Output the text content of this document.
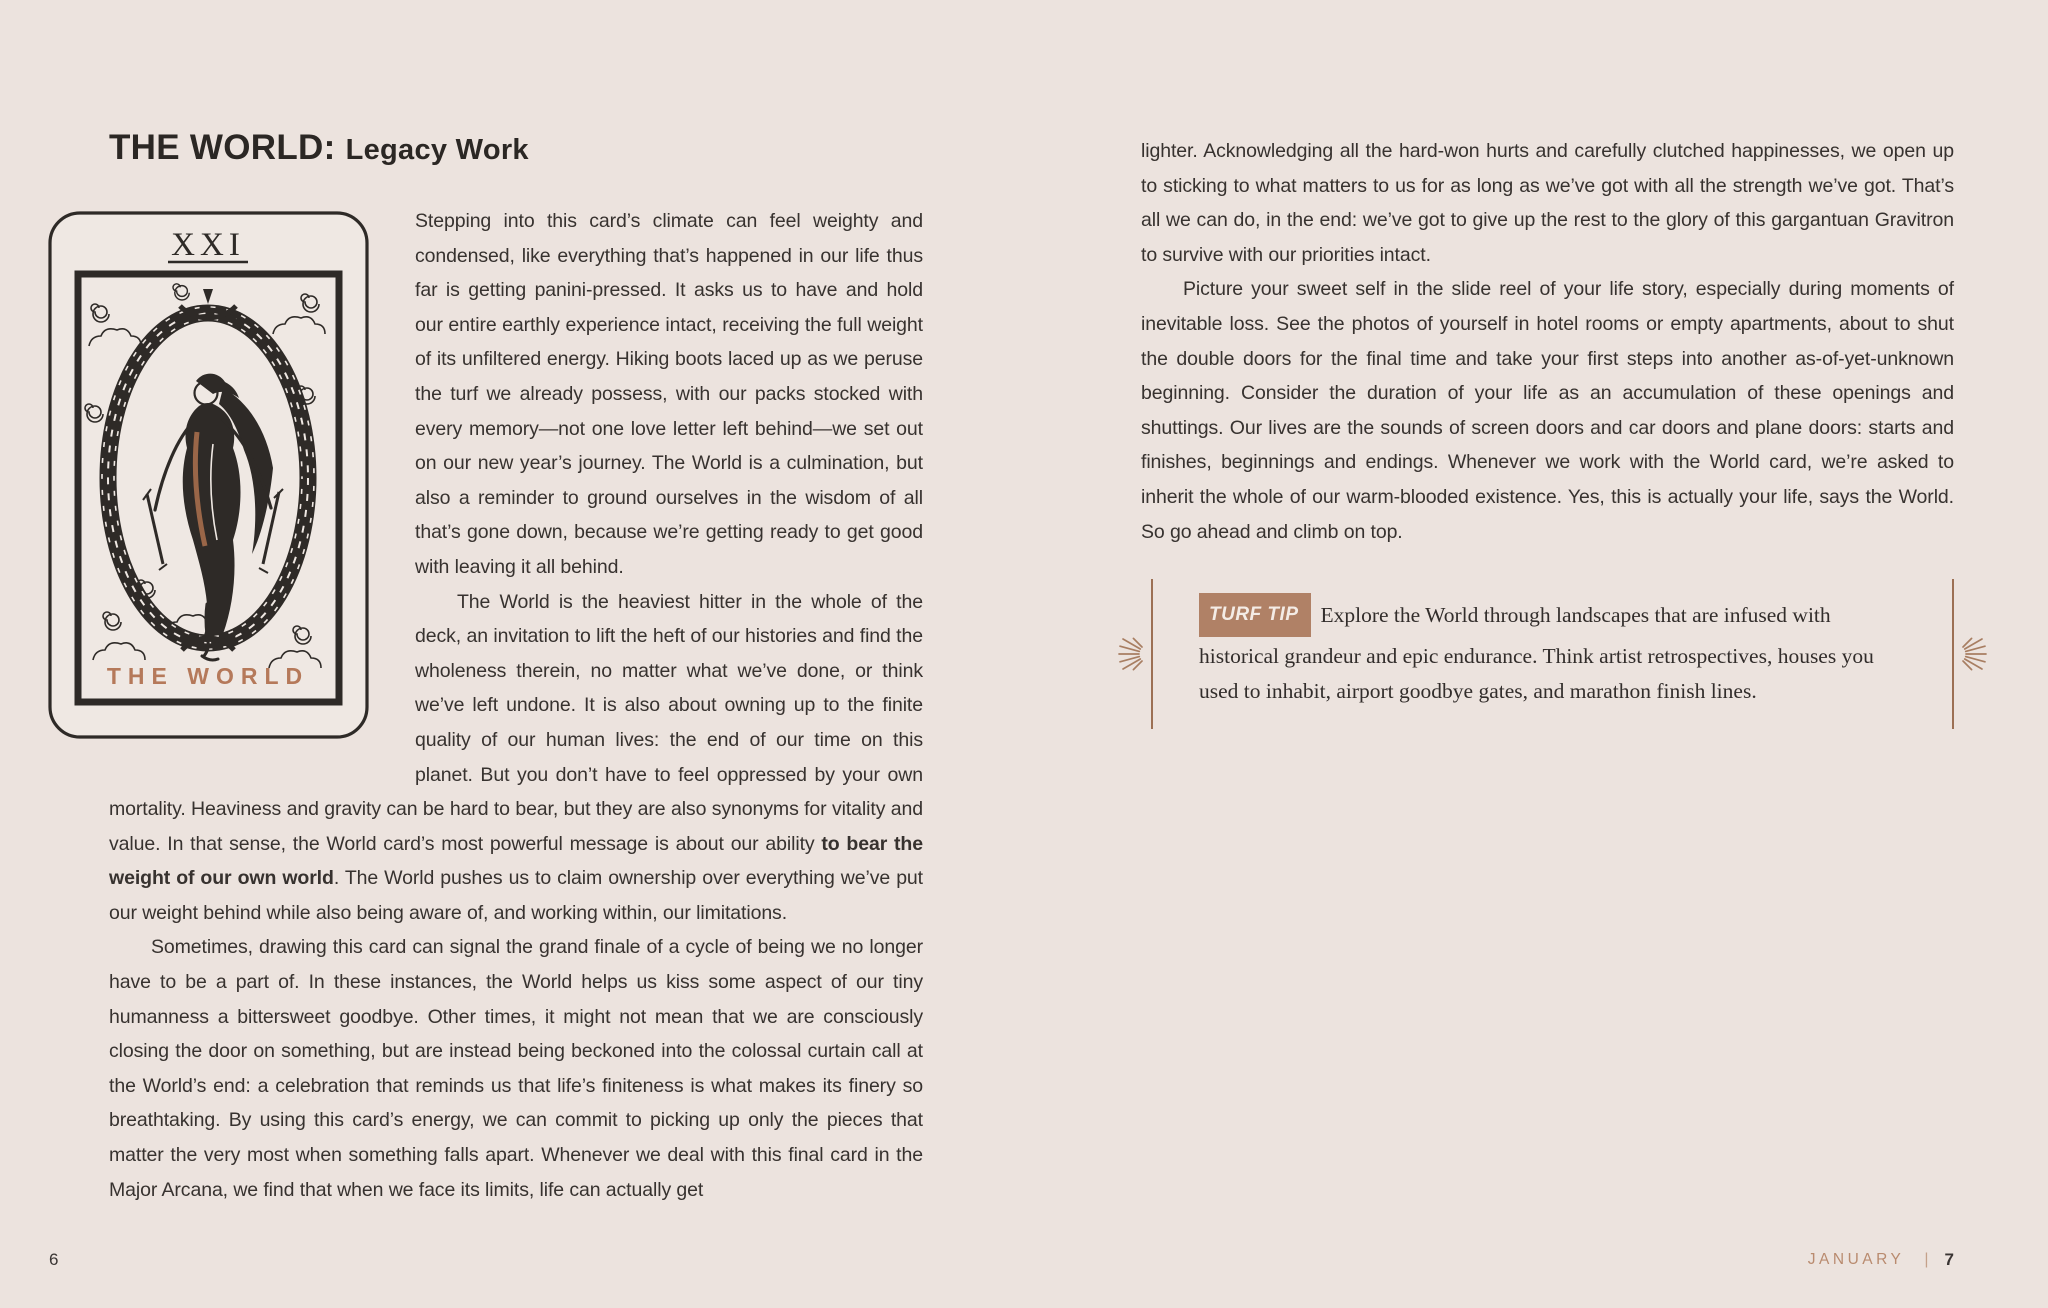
THE WORLD: Legacy Work
XXI
THE WORLD

Stepping into this card’s climate can feel weighty and condensed, like everything that’s happened in our life thus far is getting panini-pressed. It asks us to have and hold our entire earthly experience intact, receiving the full weight of its unfiltered energy. Hiking boots laced up as we peruse the turf we already possess, with our packs stocked with every memory—not one love letter left behind—we set out on our new year’s journey. The World is a culmination, but also a reminder to ground ourselves in the wisdom of all that’s gone down, because we’re getting ready to get good with leaving it all behind.

The World is the heaviest hitter in the whole of the deck, an invitation to lift the heft of our histories and find the wholeness therein, no matter what we’ve done, or think we’ve left undone. It is also about owning up to the finite quality of our human lives: the end of our time on this planet. But you don’t have to feel oppressed by your own mortality. Heaviness and gravity can be hard to bear, but they are also synonyms for vitality and value. In that sense, the World card’s most powerful message is about our ability to bear the weight of our own world. The World pushes us to claim ownership over everything we’ve put our weight behind while also being aware of, and working within, our limitations.

Sometimes, drawing this card can signal the grand finale of a cycle of being we no longer have to be a part of. In these instances, the World helps us kiss some aspect of our tiny humanness a bittersweet goodbye. Other times, it might not mean that we are consciously closing the door on something, but are instead being beckoned into the colossal curtain call at the World’s end: a celebration that reminds us that life’s finiteness is what makes its finery so breathtaking. By using this card’s energy, we can commit to picking up only the pieces that matter the very most when something falls apart. Whenever we deal with this final card in the Major Arcana, we find that when we face its limits, life can actually get

lighter. Acknowledging all the hard-won hurts and carefully clutched happinesses, we open up to sticking to what matters to us for as long as we’ve got with all the strength we’ve got. That’s all we can do, in the end: we’ve got to give up the rest to the glory of this gargantuan Gravitron to survive with our priorities intact.

Picture your sweet self in the slide reel of your life story, especially during moments of inevitable loss. See the photos of yourself in hotel rooms or empty apartments, about to shut the double doors for the final time and take your first steps into another as-of-yet-unknown beginning. Consider the duration of your life as an accumulation of these openings and shuttings. Our lives are the sounds of screen doors and car doors and plane doors: starts and finishes, beginnings and endings. Whenever we work with the World card, we’re asked to inherit the whole of our warm-blooded existence. Yes, this is actually your life, says the World. So go ahead and climb on top.

TURF TIP Explore the World through landscapes that are infused with historical grandeur and epic endurance. Think artist retrospectives, houses you used to inhabit, airport goodbye gates, and marathon finish lines.

6	JANUARY | 7
